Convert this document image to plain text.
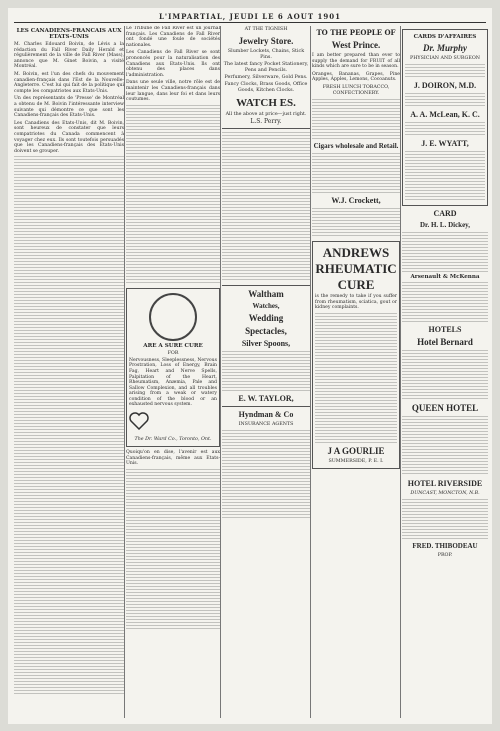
L'IMPARTIAL, JEUDI LE 6 AOUT 1901
LES CANADIENS-FRANCAIS AUX ETATS-UNIS

M. Charles Edouard Boivin, de Lévis a la rédaction du Fall River Daily Herald et régulièrement de la ville de Fall River (Mass), annonce que M. Ginet Boivin, a visité Montréal.

M. Boivin, est l'un des chefs du mouvement canadien-français dans l'Est de la Nouvelle-Angleterre. C'est lui qui fait de la politique qui compte les compatriotes aux Etats-Unis.

Un des représentants de 'Presse' de Montréal a obtenu de M. Boivin l'intéressante interview suivante qui démontre ce que sont les Canadiens-français des Etats-Unis.

Les Canadiens des Etats-Unis, dit M. Boivin, sont heureux de constater que leurs compatriotes du Canada commencent à voyager chez eux. Ils sont toutefois persuadés que les Canadiens-français des Etats-Unis doivent se grouper.

Le Tribune de Fall River est un journal français. Les Canadiens de Fall River ont fondé une foule de sociétés nationales.

Les Canadiens de Fall River se sont prononcés pour la naturalisation des Canadiens aux Etats-Unis. Ils ont obtenu des places dans l'administration.

Dans une seule ville, notre rôle est de maintenir les Canadiens-français dans leur langue, dans leur foi et dans leurs coutumes.

ARE A SURE CURE
FOR

Nervousness, Sleeplessness, Nervous Prostration, Loss of Energy, Brain Fag, Heart and Nerve Spells, Palpitation of the Heart, Rheumatism, Anæmia, Pale and Sallow Complexion, and all troubles arising from a weak or watery condition of the blood or an exhausted nervous system.

The Dr. Ward Co., Toronto, Ont.

Quoiqu'on en dise, l'avenir est aux Canadiens-français, même aux Etats-Unis.

AT THE TIGNISH
Jewelry Store.
Slumber Lockets, Chains, Stick Pins.
The latest fancy Pocket Stationery, Pens and Pencils.
Perfumery, Silverware, Gold Pens.
Fancy Clocks, Brass Goods, Office Goods, Kitchen Clocks.
WATCH ES.
All the above at price—just right.
L.S. Perry.
Waltham
Watches,
Wedding
Spectacles,
Silver Spoons,
E. W. TAYLOR,
Hyndman & Co
INSURANCE AGENTS
TO THE PEOPLE OF
West Prince.

I am better prepared than ever to supply the demand for FRUIT of all kinds which are sure to be in season.

Oranges, Bananas, Grapes, Pine Apples, Apples, Lemons, Cocoanuts.

FRESH LUNCH TOBACCO, CONFECTIONERY.
Cigars wholesale and Retail.
W.J. Crockett,
ANDREWS
RHEUMATIC
CURE

is the remedy to take if you suffer from rheumatism, sciatica, gout or kidney complaints.

J A GOURLIE
SUMMERSIDE, P. E. I.
CARDS D'AFFAIRES
Dr. Murphy
PHYSICIAN AND SURGEON
J. DOIRON, M.D.
A. A. McLean, K. C.
J. E. WYATT,
CARD
Dr. H. L. Dickey,
Arsenault & McKenna
HOTELS
Hotel Bernard
QUEEN HOTEL
HOTEL RIVERSIDE
DUNCAST, MONCTON, N.B.
FRED. THIBODEAU
PROP.
